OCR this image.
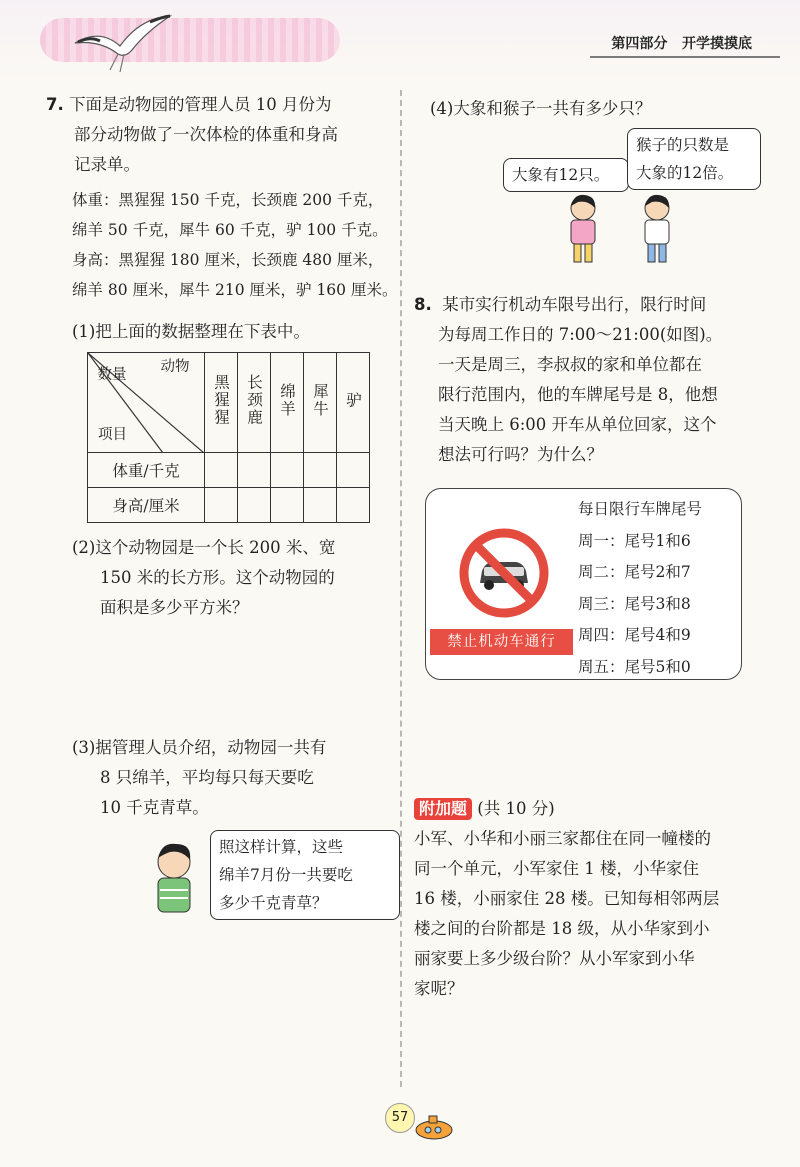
第四部分 开学摸摸底
7. 下面是动物园的管理人员 10 月份为
部分动物做了一次体检的体重和身高
记录单。
体重：黑猩猩 150 千克，长颈鹿 200 千克，
绵羊 50 千克，犀牛 60 千克，驴 100 千克。
身高：黑猩猩 180 厘米，长颈鹿 480 厘米，
绵羊 80 厘米，犀牛 210 厘米，驴 160 厘米。
(1)把上面的数据整理在下表中。
动物
数量
项目	黑猩猩	长颈鹿	绵羊	犀牛	驴
体重/千克					
身高/厘米					
(2)这个动物园是一个长 200 米、宽
150 米的长方形。这个动物园的
面积是多少平方米？
(3)据管理人员介绍，动物园一共有
8 只绵羊，平均每只每天要吃
10 千克青草。
照这样计算，这些
绵羊7月份一共要吃
多少千克青草？
(4)大象和猴子一共有多少只？
大象有12只。
猴子的只数是
大象的12倍。
8. 某市实行机动车限号出行，限行时间
为每周工作日的 7:00～21:00(如图)。
一天是周三，李叔叔的家和单位都在
限行范围内，他的车牌尾号是 8，他想
当天晚上 6:00 开车从单位回家，这个
想法可行吗？为什么？
禁止机动车通行
每日限行车牌尾号
周一：尾号1和6
周二：尾号2和7
周三：尾号3和8
周四：尾号4和9
周五：尾号5和0
附加题 (共 10 分)
小军、小华和小丽三家都住在同一幢楼的
同一个单元，小军家住 1 楼，小华家住
16 楼，小丽家住 28 楼。已知每相邻两层
楼之间的台阶都是 18 级，从小华家到小
丽家要上多少级台阶？从小军家到小华
家呢？
57
